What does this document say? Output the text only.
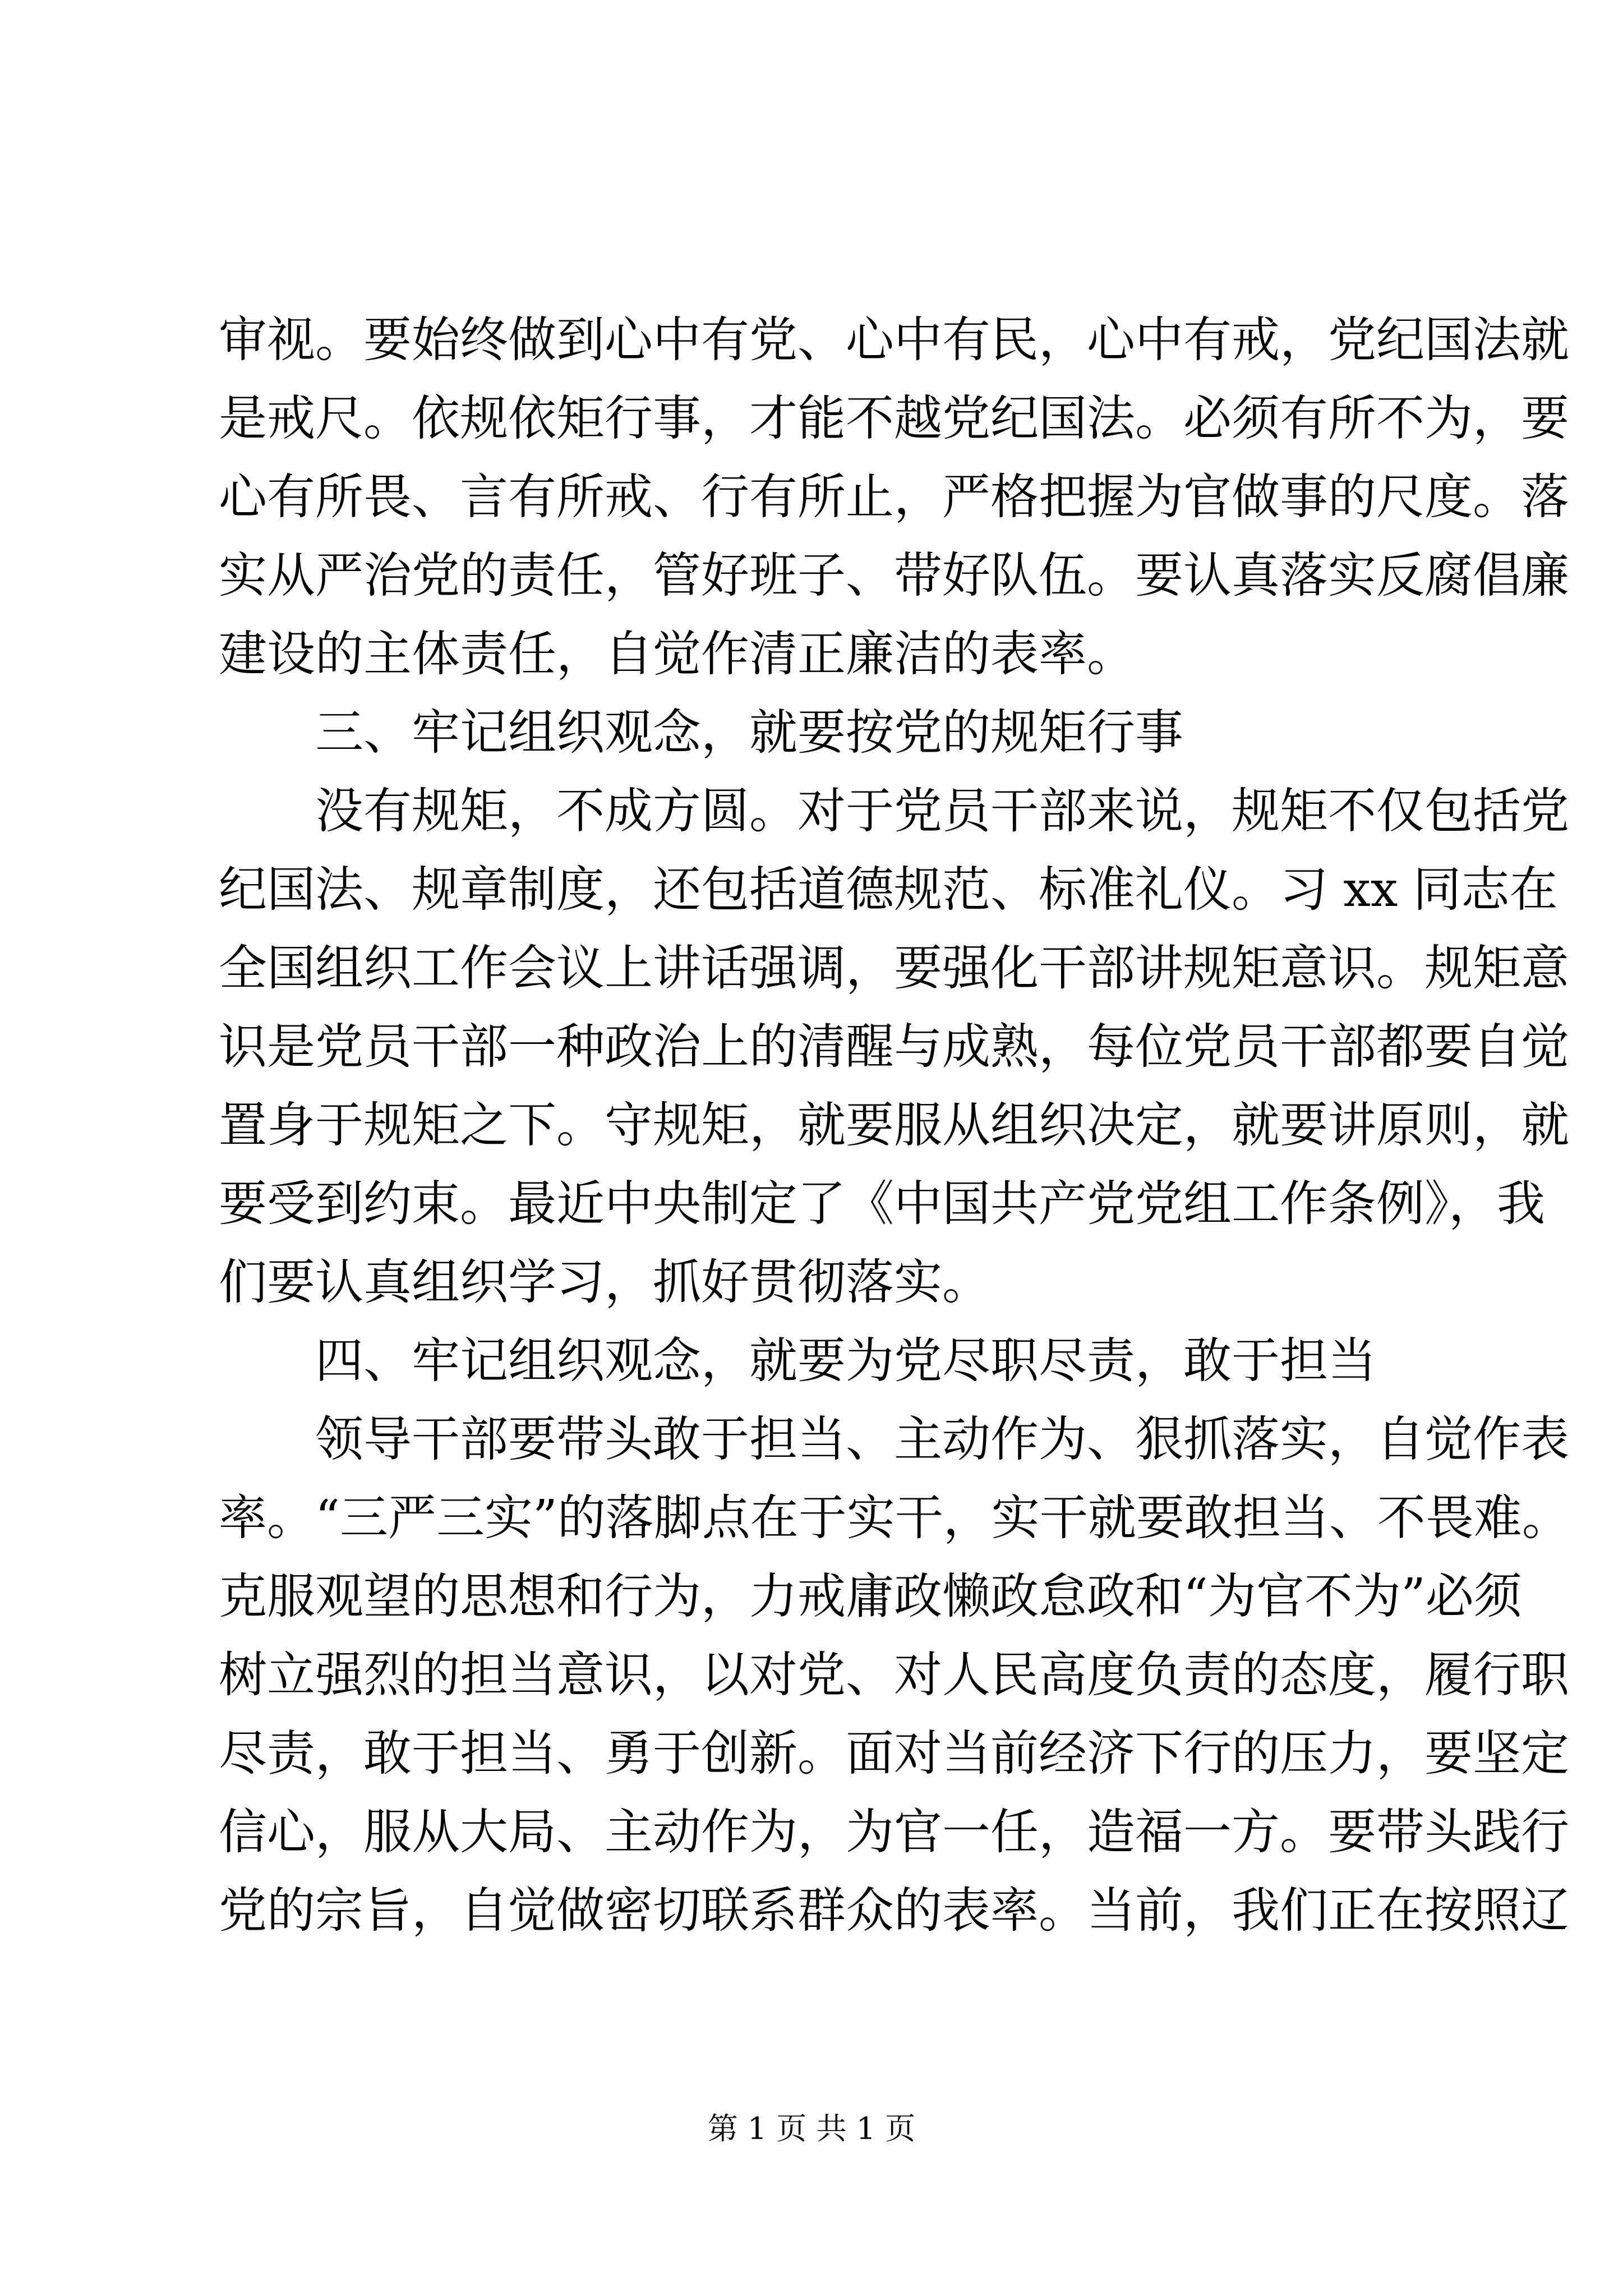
审视。要始终做到心中有党、心中有民，心中有戒，党纪国法就
是戒尺。依规依矩行事，才能不越党纪国法。必须有所不为，要
心有所畏、言有所戒、行有所止，严格把握为官做事的尺度。落
实从严治党的责任，管好班子、带好队伍。要认真落实反腐倡廉
建设的主体责任，自觉作清正廉洁的表率。
三、牢记组织观念，就要按党的规矩行事
没有规矩，不成方圆。对于党员干部来说，规矩不仅包括党
纪国法、规章制度，还包括道德规范、标准礼仪。习 xx 同志在
全国组织工作会议上讲话强调，要强化干部讲规矩意识。规矩意
识是党员干部一种政治上的清醒与成熟，每位党员干部都要自觉
置身于规矩之下。守规矩，就要服从组织决定，就要讲原则，就
要受到约束。最近中央制定了《中国共产党党组工作条例》，我
们要认真组织学习，抓好贯彻落实。
四、牢记组织观念，就要为党尽职尽责，敢于担当
领导干部要带头敢于担当、主动作为、狠抓落实，自觉作表
率。“三严三实”的落脚点在于实干，实干就要敢担当、不畏难。
克服观望的思想和行为，力戒庸政懒政怠政和“为官不为”必须
树立强烈的担当意识，以对党、对人民高度负责的态度，履行职
尽责，敢于担当、勇于创新。面对当前经济下行的压力，要坚定
信心，服从大局、主动作为，为官一任，造福一方。要带头践行
党的宗旨，自觉做密切联系群众的表率。当前，我们正在按照辽
第 1 页 共 1 页
